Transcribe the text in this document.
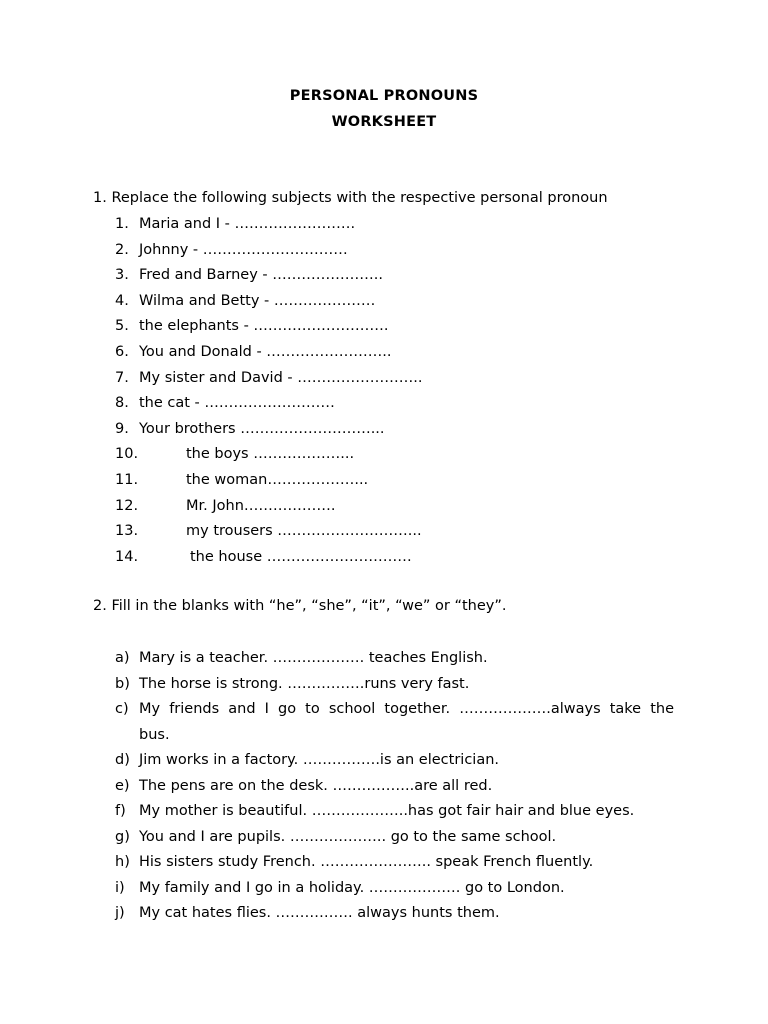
PERSONAL PRONOUNS
WORKSHEET
1. Replace the following subjects with the respective personal pronoun
1. Maria and I - …………………….
2. Johnny - …………………………
3. Fred and Barney - …………………..
4. Wilma and Betty - …………………
5. the elephants - ……………………….
6. You and Donald - ……………………..
7. My sister and David - ……………………..
8. the cat - ………………………
9. Your brothers ………………………...
10.	the boys ………………...
11.	the woman………………...
12.	Mr. John……………….
13.	my trousers ………………………...
14.	the house …………………………
2. Fill in the blanks with “he”, “she”, “it”, “we” or “they”.
a) Mary is a teacher. ………………. teaches English.
b) The horse is strong. …………….runs very fast.
c) My friends and I go to school together. ……………….always take the
bus.
d) Jim works in a factory. …………….is an electrician.
e) The pens are on the desk. ……………..are all red.
f) My mother is beautiful. ………………..has got fair hair and blue eyes.
g) You and I are pupils. ……………….. go to the same school.
h) His sisters study French. ………………….. speak French fluently.
i) My family and I go in a holiday. ………………. go to London.
j) My cat hates flies. ……………. always hunts them.
